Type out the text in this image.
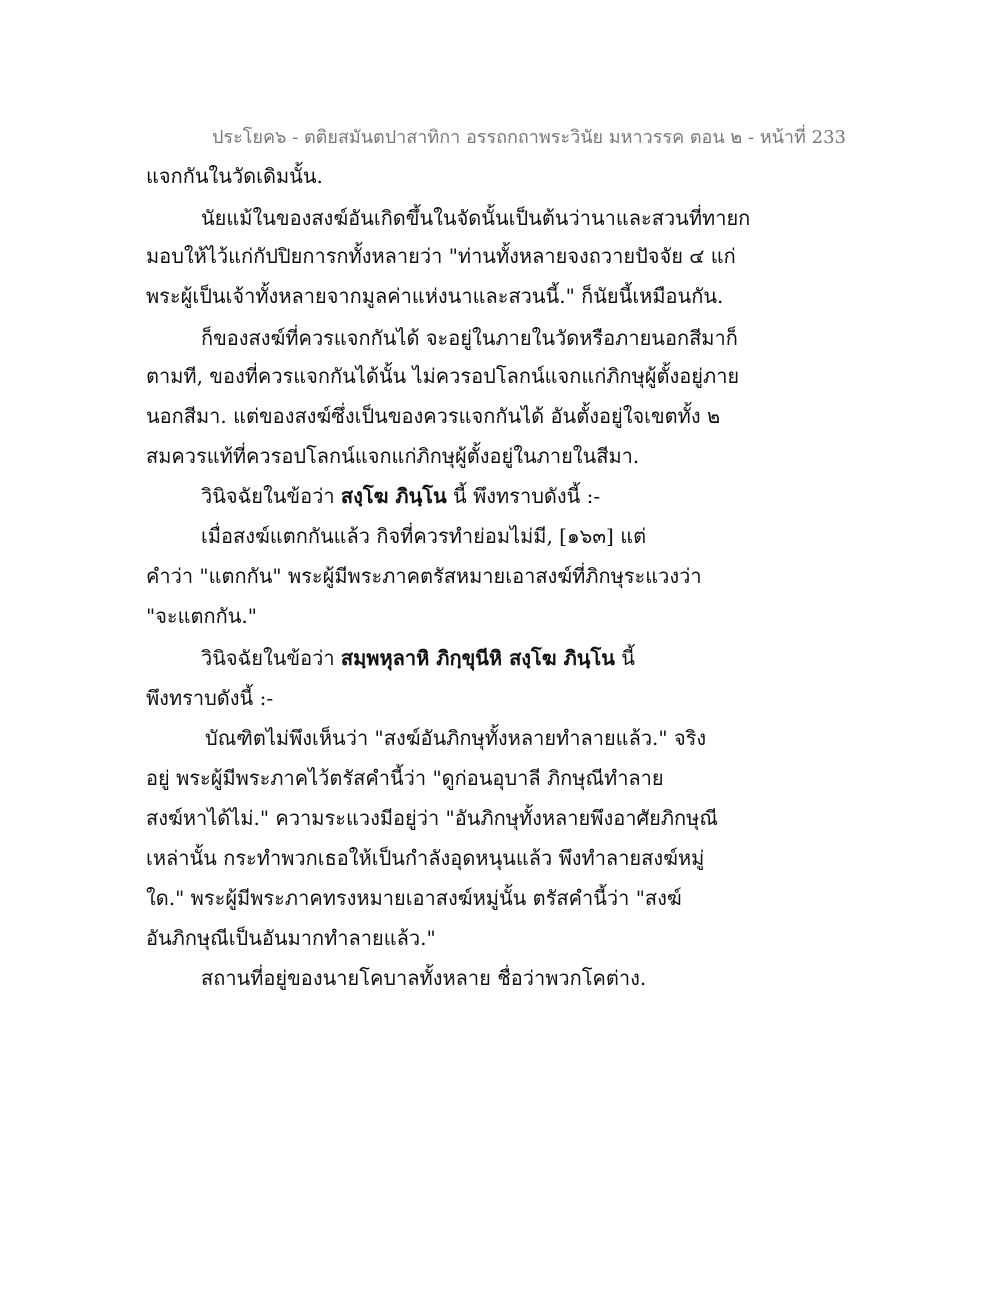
ประโยค๖ - ตติยสมันตปาสาทิกา อรรถกถาพระวินัย มหาวรรค ตอน ๒ - หน้าที่ 233
แจกกันในวัดเดิมนั้น.
นัยแม้ในของสงฆ์อันเกิดขึ้นในจัดนั้นเป็นต้นว่านาและสวนที่ทายก
มอบให้ไว้แก่กัปปิยการกทั้งหลายว่า "ท่านทั้งหลายจงถวายปัจจัย ๔ แก่
พระผู้เป็นเจ้าทั้งหลายจากมูลค่าแห่งนาและสวนนี้." ก็นัยนี้เหมือนกัน.
ก็ของสงฆ์ที่ควรแจกกันได้ จะอยู่ในภายในวัดหรือภายนอกสีมาก็
ตามที, ของที่ควรแจกกันได้นั้น ไม่ควรอปโลกน์แจกแก่ภิกษุผู้ตั้งอยู่ภาย
นอกสีมา. แต่ของสงฆ์ซึ่งเป็นของควรแจกกันได้ อันตั้งอยู่ใจเขตทั้ง ๒
สมควรแท้ที่ควรอปโลกน์แจกแก่ภิกษุผู้ตั้งอยู่ในภายในสีมา.
วินิจฉัยในข้อว่า สงฺโฆ ภินฺโน นี้ พึงทราบดังนี้ :-
เมื่อสงฆ์แตกกันแล้ว กิจที่ควรทำย่อมไม่มี, [๑๖๓] แต่
คำว่า "แตกกัน" พระผู้มีพระภาคตรัสหมายเอาสงฆ์ที่ภิกษุระแวงว่า
"จะแตกกัน."
วินิจฉัยในข้อว่า สมฺพหุลาหิ ภิกฺขุนีหิ สงฺโฆ ภินฺโน นี้
พึงทราบดังนี้ :-
บัณฑิตไม่พึงเห็นว่า "สงฆ์อันภิกษุทั้งหลายทำลายแล้ว." จริง
อยู่ พระผู้มีพระภาคไว้ตรัสคำนี้ว่า "ดูก่อนอุบาลี ภิกษุณีทำลาย
สงฆ์หาได้ไม่." ความระแวงมีอยู่ว่า "อันภิกษุทั้งหลายพึงอาศัยภิกษุณี
เหล่านั้น กระทำพวกเธอให้เป็นกำลังอุดหนุนแล้ว พึงทำลายสงฆ์หมู่
ใด." พระผู้มีพระภาคทรงหมายเอาสงฆ์หมู่นั้น ตรัสคำนี้ว่า "สงฆ์
อันภิกษุณีเป็นอันมากทำลายแล้ว."
สถานที่อยู่ของนายโคบาลทั้งหลาย ชื่อว่าพวกโคต่าง.
